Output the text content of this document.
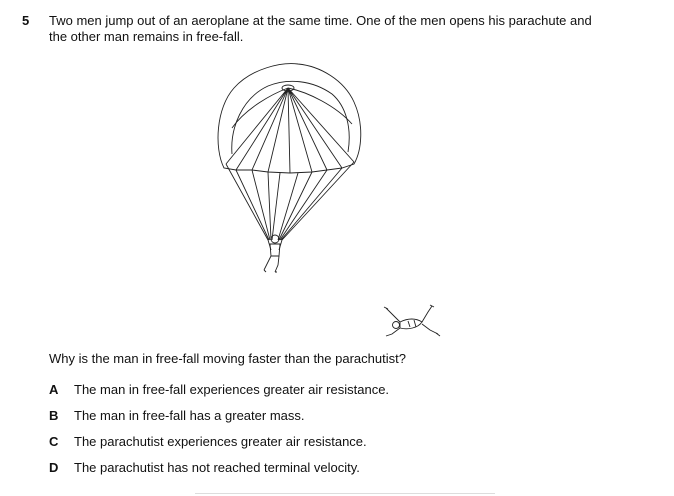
5 Two men jump out of an aeroplane at the same time. One of the men opens his parachute and

the other man remains in free-fall.

Why is the man in free-fall moving faster than the parachutist?
A The man in free-fall experiences greater air resistance.
B The man in free-fall has a greater mass.
C The parachutist experiences greater air resistance.
D The parachutist has not reached terminal velocity.
